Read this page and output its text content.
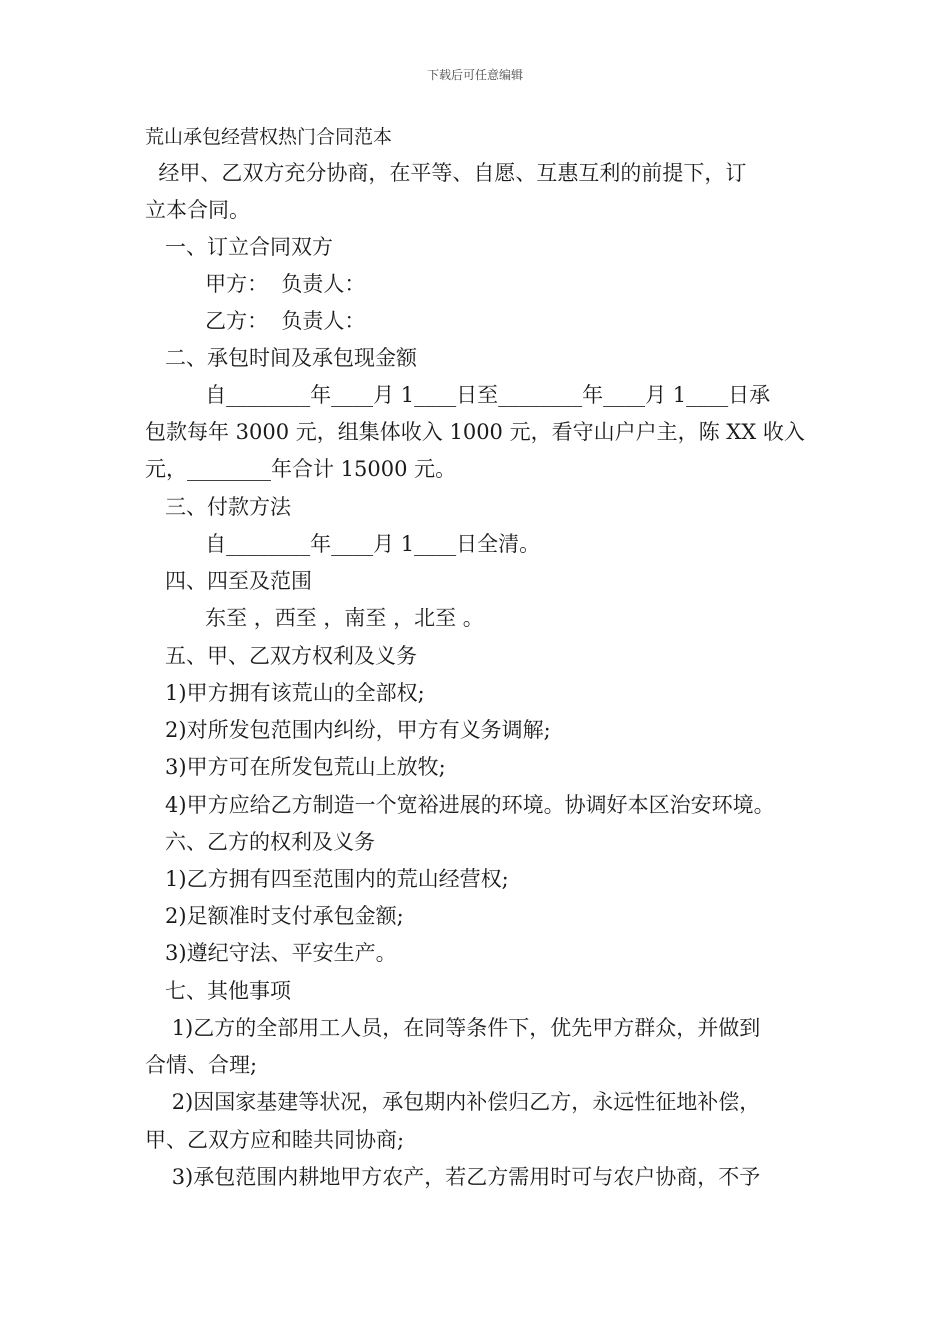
下载后可任意编辑
荒山承包经营权热门合同范本
经甲、乙双方充分协商，在平等、自愿、互惠互利的前提下，订
立本合同。
一、订立合同双方
甲方：  负责人：
乙方：  负责人：
二、承包时间及承包现金额
自________年____月 1____日至________年____月 1____日承
包款每年 3000 元，组集体收入 1000 元，看守山户户主，陈 XX 收入
元，________年合计 15000 元。
三、付款方法
自________年____月 1____日全清。
四、四至及范围
东至 ，西至 ，南至 ，北至 。
五、甲、乙双方权利及义务
1)甲方拥有该荒山的全部权;
2)对所发包范围内纠纷，甲方有义务调解;
3)甲方可在所发包荒山上放牧;
4)甲方应给乙方制造一个宽裕进展的环境。协调好本区治安环境。
六、乙方的权利及义务
1)乙方拥有四至范围内的荒山经营权;
2)足额准时支付承包金额;
3)遵纪守法、平安生产。
七、其他事项
1)乙方的全部用工人员，在同等条件下，优先甲方群众，并做到
合情、合理;
2)因国家基建等状况，承包期内补偿归乙方，永远性征地补偿，
甲、乙双方应和睦共同协商;
3)承包范围内耕地甲方农产，若乙方需用时可与农户协商，不予
